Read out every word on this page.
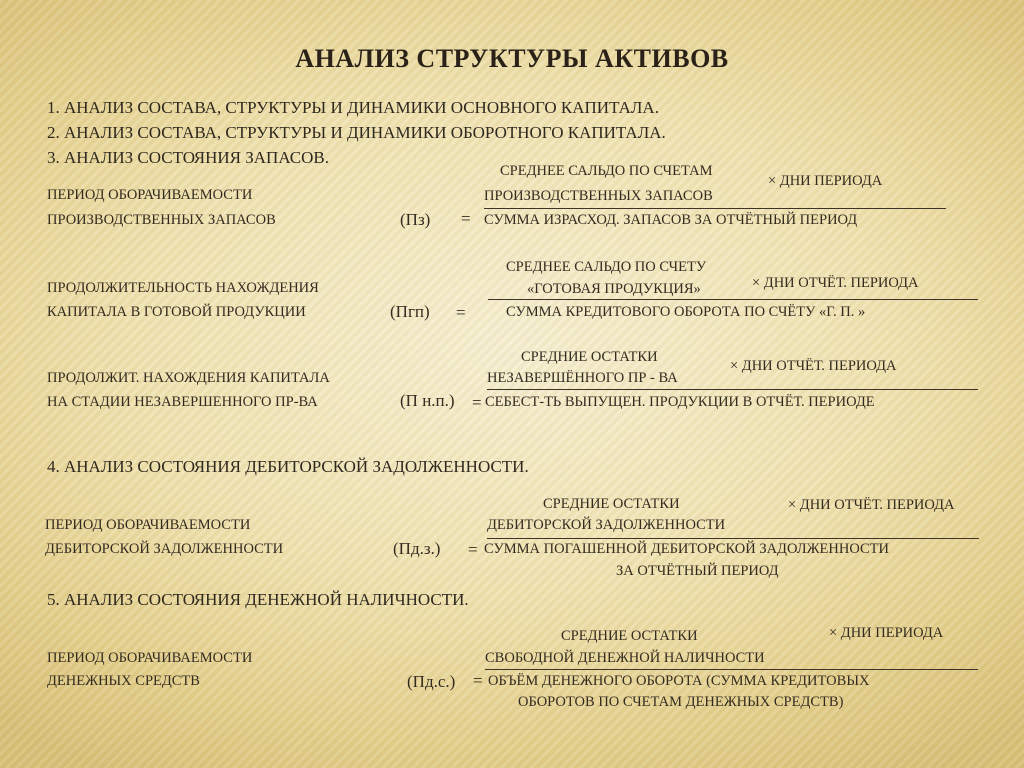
АНАЛИЗ СТРУКТУРЫ АКТИВОВ
1. АНАЛИЗ СОСТАВА, СТРУКТУРЫ И ДИНАМИКИ ОСНОВНОГО КАПИТАЛА.
2. АНАЛИЗ СОСТАВА, СТРУКТУРЫ И ДИНАМИКИ ОБОРОТНОГО КАПИТАЛА.
3. АНАЛИЗ СОСТОЯНИЯ ЗАПАСОВ.
ПЕРИОД ОБОРАЧИВАЕМОСТИ
ПРОИЗВОДСТВЕННЫХ ЗАПАСОВ	(Пз) =
СРЕДНЕЕ САЛЬДО ПО СЧЕТАМ
ПРОИЗВОДСТВЕННЫХ ЗАПАСОВ
× ДНИ ПЕРИОДА
СУММА ИЗРАСХОД. ЗАПАСОВ ЗА ОТЧЁТНЫЙ ПЕРИОД
ПРОДОЛЖИТЕЛЬНОСТЬ НАХОЖДЕНИЯ
КАПИТАЛА В ГОТОВОЙ ПРОДУКЦИИ	(Пгп) =
СРЕДНЕЕ САЛЬДО ПО СЧЕТУ
«ГОТОВАЯ ПРОДУКЦИЯ»	× ДНИ ОТЧЁТ. ПЕРИОДА
СУММА КРЕДИТОВОГО ОБОРОТА ПО СЧЁТУ «Г. П. »
ПРОДОЛЖИТ. НАХОЖДЕНИЯ КАПИТАЛА
НА СТАДИИ НЕЗАВЕРШЕННОГО ПР-ВА	(П н.п.) =
СРЕДНИЕ ОСТАТКИ
НЕЗАВЕРШЁННОГО ПР - ВА
× ДНИ ОТЧЁТ. ПЕРИОДА
СЕБЕСТ-ТЬ ВЫПУЩЕН. ПРОДУКЦИИ В ОТЧЁТ. ПЕРИОДЕ
4. АНАЛИЗ СОСТОЯНИЯ ДЕБИТОРСКОЙ ЗАДОЛЖЕННОСТИ.
ПЕРИОД ОБОРАЧИВАЕМОСТИ
ДЕБИТОРСКОЙ ЗАДОЛЖЕННОСТИ	(Пд.з.) =
СРЕДНИЕ ОСТАТКИ
ДЕБИТОРСКОЙ ЗАДОЛЖЕННОСТИ
× ДНИ ОТЧЁТ. ПЕРИОДА
СУММА ПОГАШЕННОЙ ДЕБИТОРСКОЙ ЗАДОЛЖЕННОСТИ
ЗА ОТЧЁТНЫЙ ПЕРИОД
5. АНАЛИЗ СОСТОЯНИЯ ДЕНЕЖНОЙ НАЛИЧНОСТИ.
ПЕРИОД ОБОРАЧИВАЕМОСТИ
ДЕНЕЖНЫХ СРЕДСТВ	(Пд.с.) =
СРЕДНИЕ ОСТАТКИ
СВОБОДНОЙ ДЕНЕЖНОЙ НАЛИЧНОСТИ
× ДНИ ПЕРИОДА
ОБЪЁМ ДЕНЕЖНОГО ОБОРОТА (СУММА КРЕДИТОВЫХ
ОБОРОТОВ ПО СЧЕТАМ ДЕНЕЖНЫХ СРЕДСТВ)
